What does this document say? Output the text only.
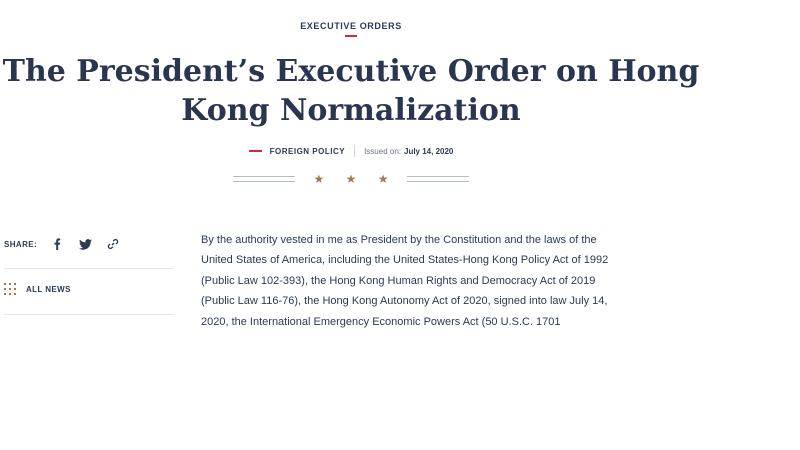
EXECUTIVE ORDERS
The President’s Executive Order on Hong Kong Normalization
FOREIGN POLICY Issued on: July 14, 2020
★ ★ ★
SHARE:
ALL NEWS

By the authority vested in me as President by the Constitution and the laws of the United States of America, including the United States-Hong Kong Policy Act of 1992 (Public Law 102-393), the Hong Kong Human Rights and Democracy Act of 2019 (Public Law 116-76), the Hong Kong Autonomy Act of 2020, signed into law July 14, 2020, the International Emergency Economic Powers Act (50 U.S.C. 1701
